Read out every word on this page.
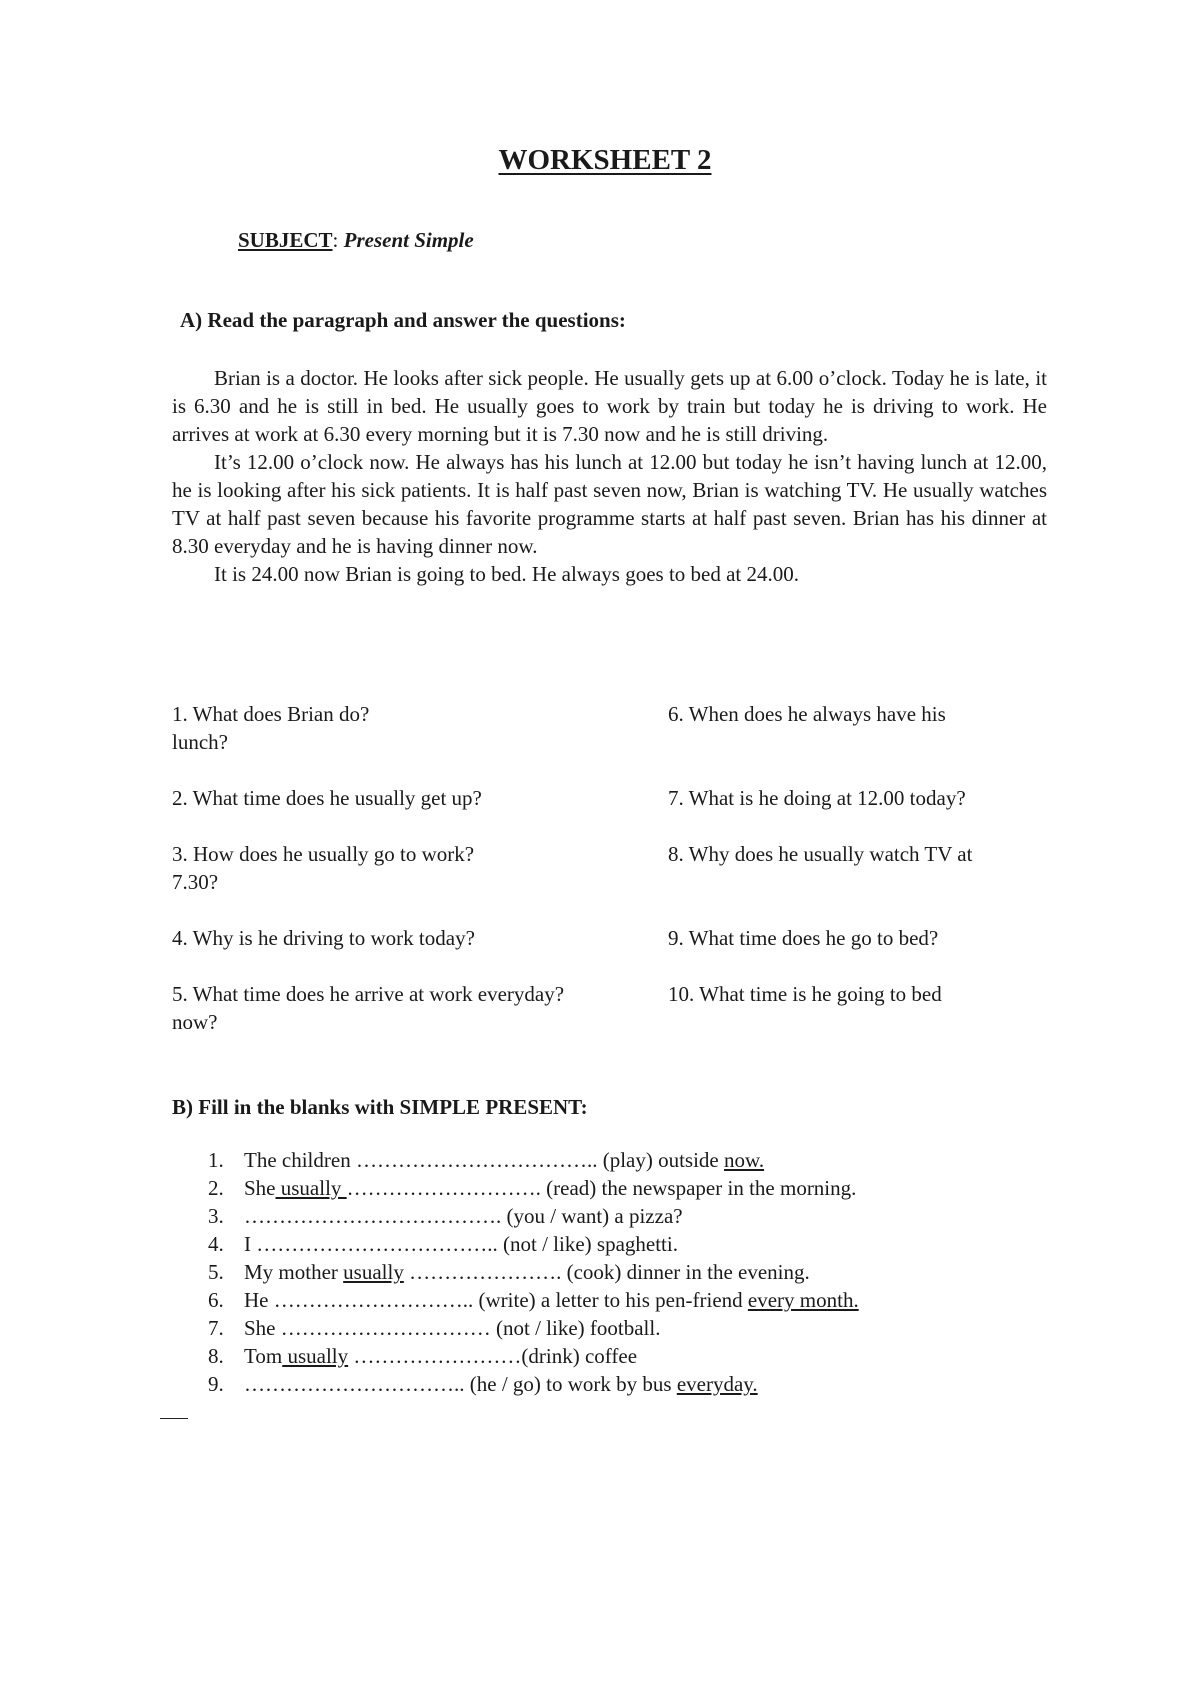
WORKSHEET 2
SUBJECT: Present Simple
A) Read the paragraph and answer the questions:

Brian is a doctor. He looks after sick people. He usually gets up at 6.00 o’clock. Today he is late, it is 6.30 and he is still in bed. He usually goes to work by train but today he is driving to work. He arrives at work at 6.30 every morning but it is 7.30 now and he is still driving.

It’s 12.00 o’clock now. He always has his lunch at 12.00 but today he isn’t having lunch at 12.00, he is looking after his sick patients. It is half past seven now, Brian is watching TV. He usually watches TV at half past seven because his favorite programme starts at half past seven. Brian has his dinner at 8.30 everyday and he is having dinner now.

It is 24.00 now Brian is going to bed. He always goes to bed at 24.00.

1. What does Brian do?	6. When does he always have his
lunch?
2. What time does he usually get up?	7. What is he doing at 12.00 today?
3. How does he usually go to work?	8. Why does he usually watch TV at
7.30?
4. Why is he driving to work today?	9. What time does he go to bed?
5. What time does he arrive at work everyday?	10. What time is he going to bed
now?
B) Fill in the blanks with SIMPLE PRESENT:
1. The children …………………………….. (play) outside now.
2. She usually ………………………. (read) the newspaper in the morning.
3. ………………………………. (you / want) a pizza?
4. I …………………………….. (not / like) spaghetti.
5. My mother usually …………………. (cook) dinner in the evening.
6. He ……………………….. (write) a letter to his pen-friend every month.
7. She ………………………… (not / like) football.
8. Tom usually ……………………(drink) coffee
9. ………………………….. (he / go) to work by bus everyday.
